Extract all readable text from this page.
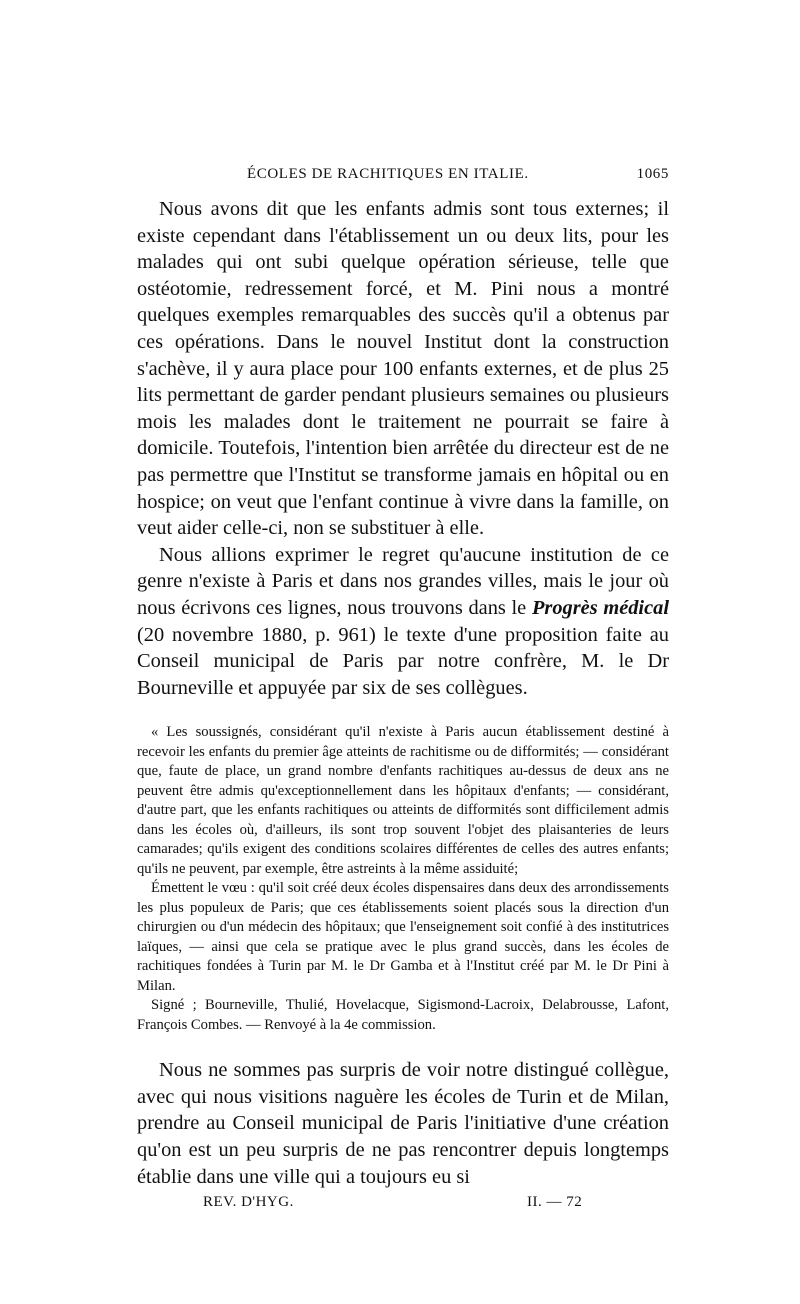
ÉCOLES DE RACHITIQUES EN ITALIE.	1065

Nous avons dit que les enfants admis sont tous externes; il existe cependant dans l'établissement un ou deux lits, pour les malades qui ont subi quelque opération sérieuse, telle que ostéotomie, redressement forcé, et M. Pini nous a montré quelques exemples remarquables des succès qu'il a obtenus par ces opérations. Dans le nouvel Institut dont la construction s'achève, il y aura place pour 100 enfants externes, et de plus 25 lits permettant de garder pendant plusieurs semaines ou plusieurs mois les malades dont le traitement ne pourrait se faire à domicile. Toutefois, l'intention bien arrêtée du directeur est de ne pas permettre que l'Institut se transforme jamais en hôpital ou en hospice; on veut que l'enfant continue à vivre dans la famille, on veut aider celle-ci, non se substituer à elle.

Nous allions exprimer le regret qu'aucune institution de ce genre n'existe à Paris et dans nos grandes villes, mais le jour où nous écrivons ces lignes, nous trouvons dans le Progrès médical (20 novembre 1880, p. 961) le texte d'une proposition faite au Conseil municipal de Paris par notre confrère, M. le Dr Bourneville et appuyée par six de ses collègues.

« Les soussignés, considérant qu'il n'existe à Paris aucun établissement destiné à recevoir les enfants du premier âge atteints de rachitisme ou de difformités; — considérant que, faute de place, un grand nombre d'enfants rachitiques au-dessus de deux ans ne peuvent être admis qu'exceptionnellement dans les hôpitaux d'enfants; — considérant, d'autre part, que les enfants rachitiques ou atteints de difformités sont difficilement admis dans les écoles où, d'ailleurs, ils sont trop souvent l'objet des plaisanteries de leurs camarades; qu'ils exigent des conditions scolaires différentes de celles des autres enfants; qu'ils ne peuvent, par exemple, être astreints à la même assiduité;

Émettent le vœu : qu'il soit créé deux écoles dispensaires dans deux des arrondissements les plus populeux de Paris; que ces établissements soient placés sous la direction d'un chirurgien ou d'un médecin des hôpitaux; que l'enseignement soit confié à des institutrices laïques, — ainsi que cela se pratique avec le plus grand succès, dans les écoles de rachitiques fondées à Turin par M. le Dr Gamba et à l'Institut créé par M. le Dr Pini à Milan.

Signé ; Bourneville, Thulié, Hovelacque, Sigismond-Lacroix, Delabrousse, Lafont, François Combes. — Renvoyé à la 4e commission.

Nous ne sommes pas surpris de voir notre distingué collègue, avec qui nous visitions naguère les écoles de Turin et de Milan, prendre au Conseil municipal de Paris l'initiative d'une création qu'on est un peu surpris de ne pas rencontrer depuis longtemps établie dans une ville qui a toujours eu si

REV. D'HYG.	II. — 72
